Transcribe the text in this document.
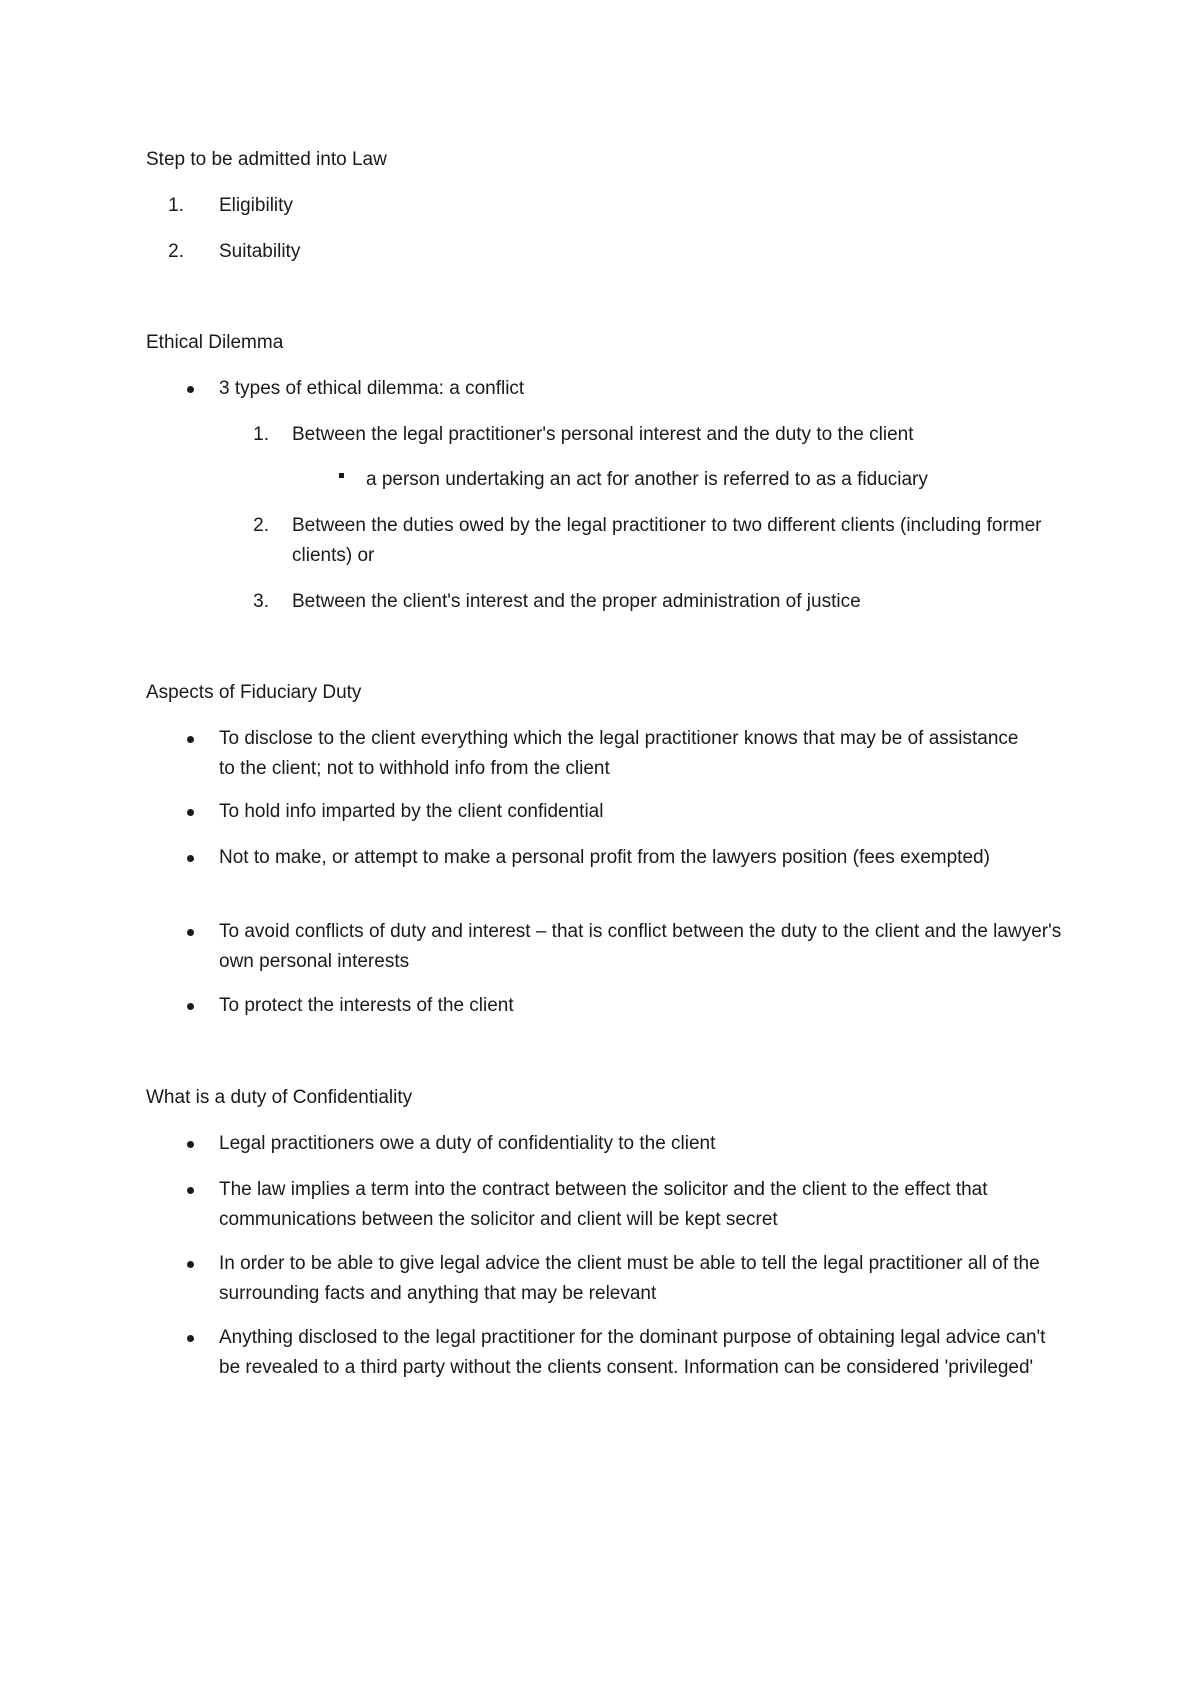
Step to be admitted into Law
1. Eligibility
2. Suitability
Ethical Dilemma
3 types of ethical dilemma: a conflict
1. Between the legal practitioner's personal interest and the duty to the client
a person undertaking an act for another is referred to as a fiduciary
2. Between the duties owed by the legal practitioner to two different clients (including former clients) or
3. Between the client's interest and the proper administration of justice
Aspects of Fiduciary Duty
To disclose to the client everything which the legal practitioner knows that may be of assistance to the client; not to withhold info from the client
To hold info imparted by the client confidential
Not to make, or attempt to make a personal profit from the lawyers position (fees exempted)
To avoid conflicts of duty and interest – that is conflict between the duty to the client and the lawyer's own personal interests
To protect the interests of the client
What is a duty of Confidentiality
Legal practitioners owe a duty of confidentiality to the client
The law implies a term into the contract between the solicitor and the client to the effect that communications between the solicitor and client will be kept secret
In order to be able to give legal advice the client must be able to tell the legal practitioner all of the surrounding facts and anything that may be relevant
Anything disclosed to the legal practitioner for the dominant purpose of obtaining legal advice can't be revealed to a third party without the clients consent. Information can be considered 'privileged'
